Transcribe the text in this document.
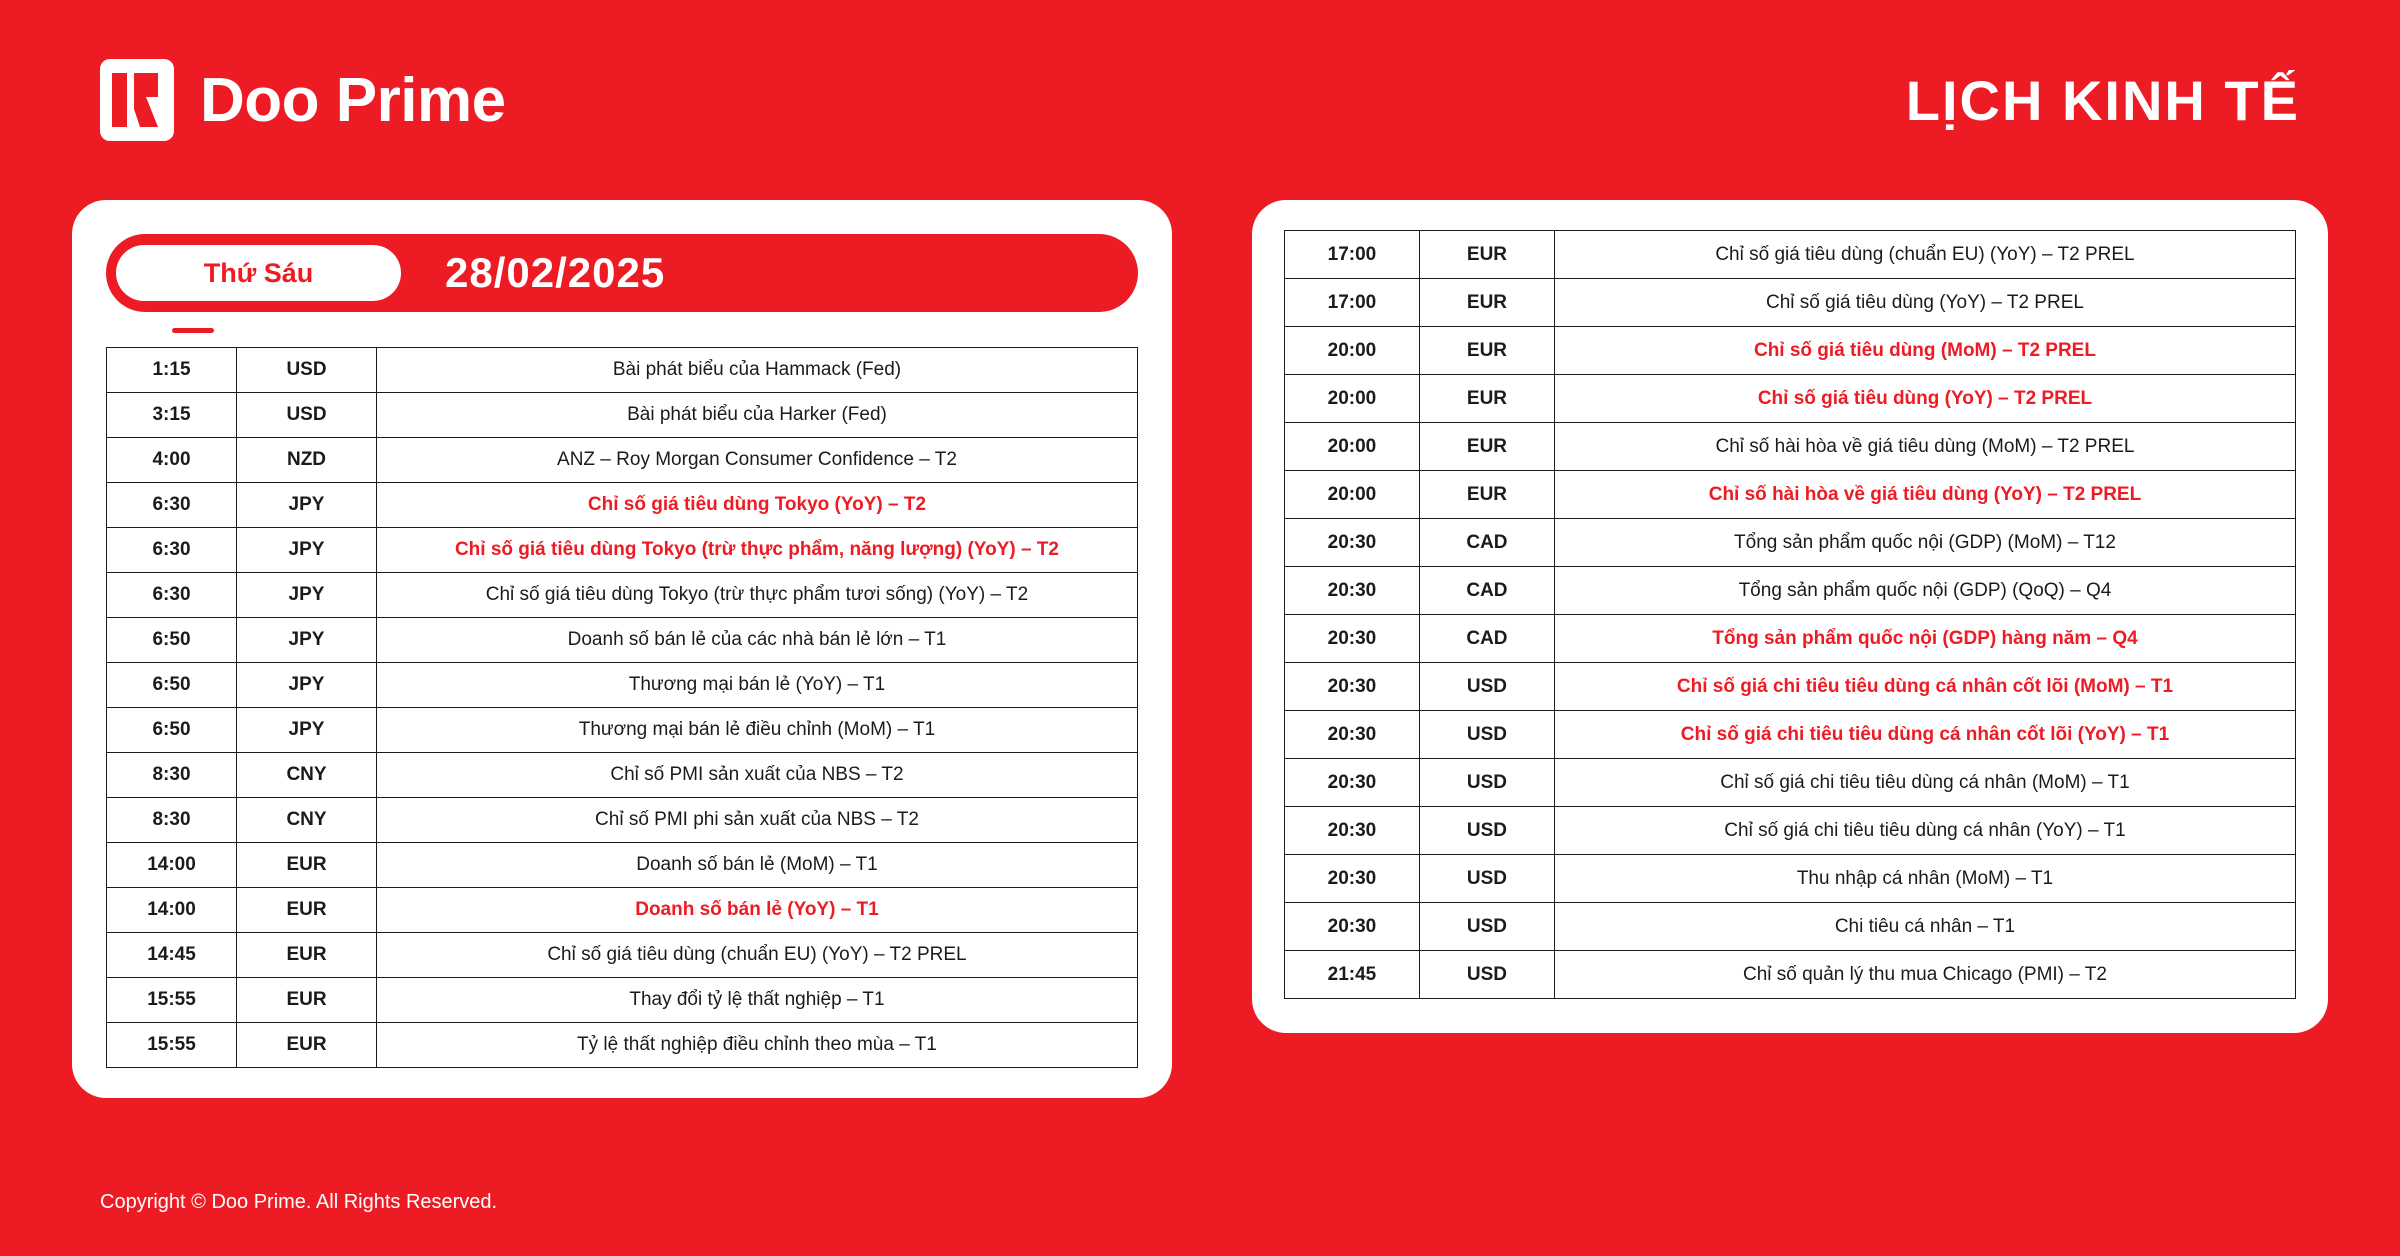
Doo Prime	LỊCH KINH TẾ
Thứ Sáu	28/02/2025
1:15	USD	Bài phát biểu của Hammack (Fed)
3:15	USD	Bài phát biểu của Harker (Fed)
4:00	NZD	ANZ – Roy Morgan Consumer Confidence – T2
6:30	JPY	Chỉ số giá tiêu dùng Tokyo (YoY) – T2
6:30	JPY	Chỉ số giá tiêu dùng Tokyo (trừ thực phẩm, năng lượng) (YoY) – T2
6:30	JPY	Chỉ số giá tiêu dùng Tokyo (trừ thực phẩm tươi sống) (YoY) – T2
6:50	JPY	Doanh số bán lẻ của các nhà bán lẻ lớn – T1
6:50	JPY	Thương mại bán lẻ (YoY) – T1
6:50	JPY	Thương mại bán lẻ điều chỉnh (MoM) – T1
8:30	CNY	Chỉ số PMI sản xuất của NBS – T2
8:30	CNY	Chỉ số PMI phi sản xuất của NBS – T2
14:00	EUR	Doanh số bán lẻ (MoM) – T1
14:00	EUR	Doanh số bán lẻ (YoY) – T1
14:45	EUR	Chỉ số giá tiêu dùng (chuẩn EU) (YoY) – T2 PREL
15:55	EUR	Thay đổi tỷ lệ thất nghiệp – T1
15:55	EUR	Tỷ lệ thất nghiệp điều chỉnh theo mùa – T1
17:00	EUR	Chỉ số giá tiêu dùng (chuẩn EU) (YoY) – T2 PREL
17:00	EUR	Chỉ số giá tiêu dùng (YoY) – T2 PREL
20:00	EUR	Chỉ số giá tiêu dùng (MoM) – T2 PREL
20:00	EUR	Chỉ số giá tiêu dùng (YoY) – T2 PREL
20:00	EUR	Chỉ số hài hòa về giá tiêu dùng (MoM) – T2 PREL
20:00	EUR	Chỉ số hài hòa về giá tiêu dùng (YoY) – T2 PREL
20:30	CAD	Tổng sản phẩm quốc nội (GDP) (MoM) – T12
20:30	CAD	Tổng sản phẩm quốc nội (GDP) (QoQ) – Q4
20:30	CAD	Tổng sản phẩm quốc nội (GDP) hàng năm – Q4
20:30	USD	Chỉ số giá chi tiêu tiêu dùng cá nhân cốt lõi (MoM) – T1
20:30	USD	Chỉ số giá chi tiêu tiêu dùng cá nhân cốt lõi (YoY) – T1
20:30	USD	Chỉ số giá chi tiêu tiêu dùng cá nhân (MoM) – T1
20:30	USD	Chỉ số giá chi tiêu tiêu dùng cá nhân (YoY) – T1
20:30	USD	Thu nhập cá nhân (MoM) – T1
20:30	USD	Chi tiêu cá nhân – T1
21:45	USD	Chỉ số quản lý thu mua Chicago (PMI) – T2
Copyright © Doo Prime. All Rights Reserved.
